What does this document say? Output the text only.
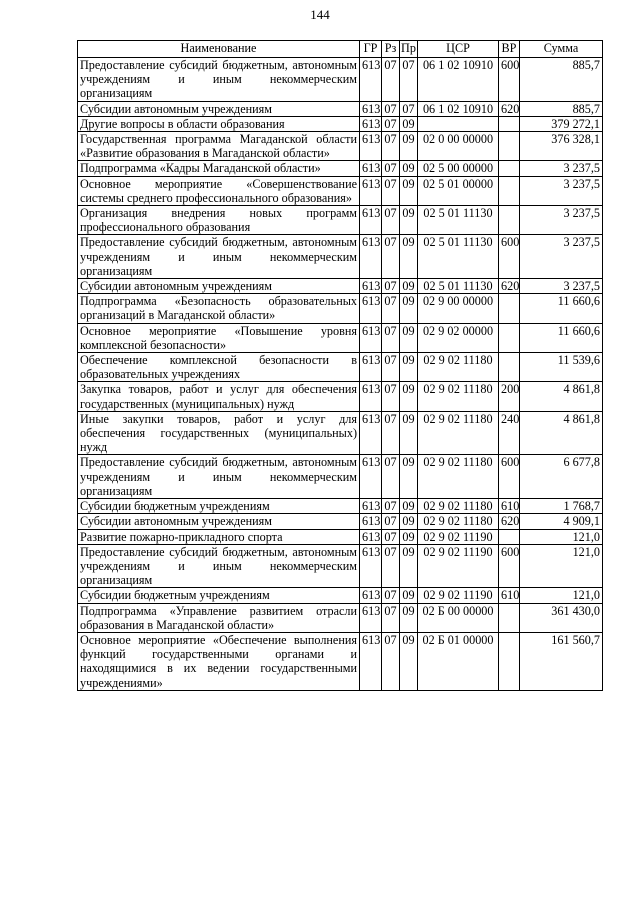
144
Наименование	ГР	Рз	Пр	ЦСР	ВР	Сумма
Предоставление субсидий бюджетным, автономным учреждениям и иным некоммерческим организациям	613	07	07	06 1 02 10910	600	885,7
Субсидии автономным учреждениям	613	07	07	06 1 02 10910	620	885,7
Другие вопросы в области образования	613	07	09			379 272,1
Государственная программа Магаданской области «Развитие образования в Магаданской области»	613	07	09	02 0 00 00000		376 328,1
Подпрограмма «Кадры Магаданской области»	613	07	09	02 5 00 00000		3 237,5
Основное мероприятие «Совершенствование системы среднего профессионального образования»	613	07	09	02 5 01 00000		3 237,5
Организация внедрения новых программ профессионального образования	613	07	09	02 5 01 11130		3 237,5
Предоставление субсидий бюджетным, автономным учреждениям и иным некоммерческим организациям	613	07	09	02 5 01 11130	600	3 237,5
Субсидии автономным учреждениям	613	07	09	02 5 01 11130	620	3 237,5
Подпрограмма «Безопасность образовательных организаций в Магаданской области»	613	07	09	02 9 00 00000		11 660,6
Основное мероприятие «Повышение уровня комплексной безопасности»	613	07	09	02 9 02 00000		11 660,6
Обеспечение комплексной безопасности в образовательных учреждениях	613	07	09	02 9 02 11180		11 539,6
Закупка товаров, работ и услуг для обеспечения государственных (муниципальных) нужд	613	07	09	02 9 02 11180	200	4 861,8
Иные закупки товаров, работ и услуг для обеспечения государственных (муниципальных) нужд	613	07	09	02 9 02 11180	240	4 861,8
Предоставление субсидий бюджетным, автономным учреждениям и иным некоммерческим организациям	613	07	09	02 9 02 11180	600	6 677,8
Субсидии бюджетным учреждениям	613	07	09	02 9 02 11180	610	1 768,7
Субсидии автономным учреждениям	613	07	09	02 9 02 11180	620	4 909,1
Развитие пожарно-прикладного спорта	613	07	09	02 9 02 11190		121,0
Предоставление субсидий бюджетным, автономным учреждениям и иным некоммерческим организациям	613	07	09	02 9 02 11190	600	121,0
Субсидии бюджетным учреждениям	613	07	09	02 9 02 11190	610	121,0
Подпрограмма «Управление развитием отрасли образования в Магаданской области»	613	07	09	02 Б 00 00000		361 430,0
Основное мероприятие «Обеспечение выполнения функций государственными органами и находящимися в их ведении государственными учреждениями»	613	07	09	02 Б 01 00000		161 560,7
